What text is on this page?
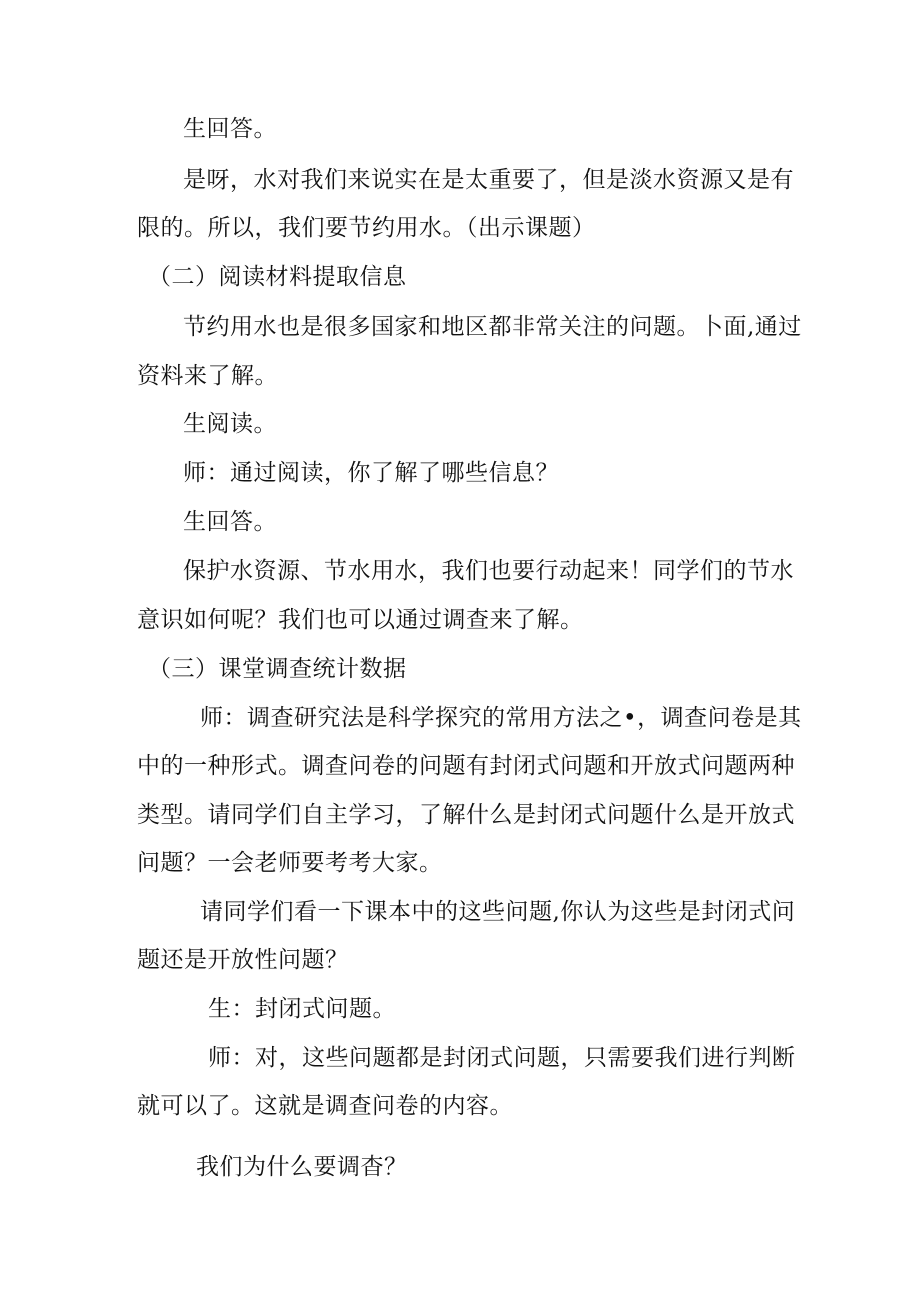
生回答。
是呀，水对我们来说实在是太重要了，但是淡水资源又是有
限的。所以，我们要节约用水。（出示课题）
（二）阅读材料提取信息
节约用水也是很多国家和地区都非常关注的问题。卜面,通过
资料来了解。
生阅读。
师：通过阅读，你了解了哪些信息？
生回答。
保护水资源、节水用水，我们也要行动起来！同学们的节水
意识如何呢？我们也可以通过调查来了解。
（三）课堂调查统计数据
师：调查研究法是科学探究的常用方法之•，调查问卷是其
中的一种形式。调查问卷的问题有封闭式问题和开放式问题两种
类型。请同学们自主学习，了解什么是封闭式问题什么是开放式
问题？一会老师要考考大家。
请同学们看一下课本中的这些问题,你认为这些是封闭式问
题还是开放性问题？
生：封闭式问题。
师：对，这些问题都是封闭式问题，只需要我们进行判断
就可以了。这就是调查问卷的内容。
我们为什么要调杳？
